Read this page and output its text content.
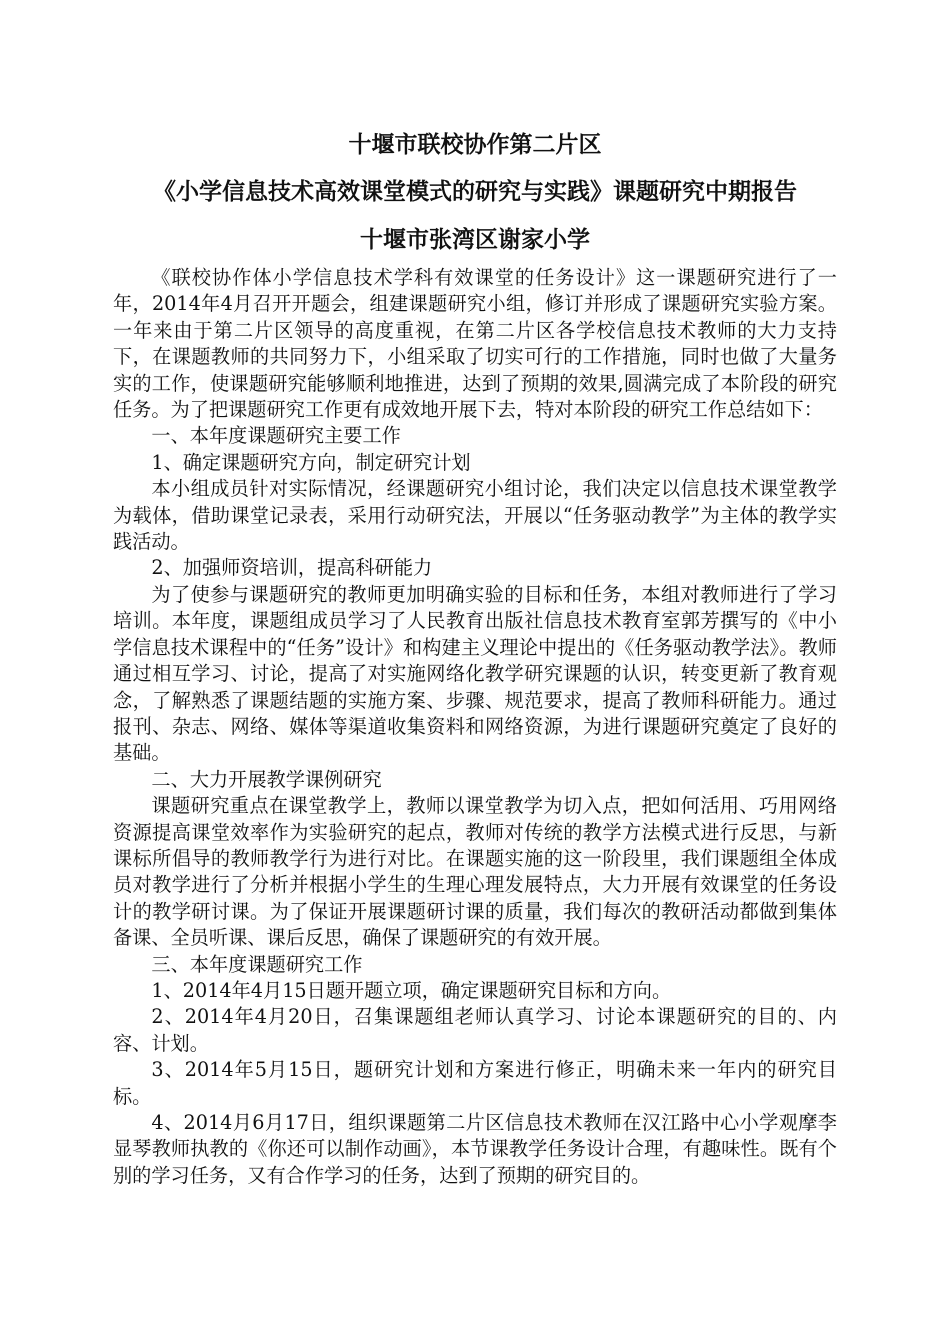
十堰市联校协作第二片区
《小学信息技术高效课堂模式的研究与实践》课题研究中期报告
十堰市张湾区谢家小学

《联校协作体小学信息技术学科有效课堂的任务设计》这一课题研究进行了一年，2014年4月召开开题会，组建课题研究小组，修订并形成了课题研究实验方案。一年来由于第二片区领导的高度重视，在第二片区各学校信息技术教师的大力支持下，在课题教师的共同努力下，小组采取了切实可行的工作措施，同时也做了大量务实的工作，使课题研究能够顺利地推进，达到了预期的效果,圆满完成了本阶段的研究任务。为了把课题研究工作更有成效地开展下去，特对本阶段的研究工作总结如下：

一、本年度课题研究主要工作

1、确定课题研究方向，制定研究计划

本小组成员针对实际情况，经课题研究小组讨论，我们决定以信息技术课堂教学为载体，借助课堂记录表，采用行动研究法，开展以“任务驱动教学”为主体的教学实践活动。

2、加强师资培训，提高科研能力

为了使参与课题研究的教师更加明确实验的目标和任务，本组对教师进行了学习培训。本年度，课题组成员学习了人民教育出版社信息技术教育室郭芳撰写的《中小学信息技术课程中的“任务”设计》和构建主义理论中提出的《任务驱动教学法》。教师通过相互学习、讨论，提高了对实施网络化教学研究课题的认识，转变更新了教育观念，了解熟悉了课题结题的实施方案、步骤、规范要求，提高了教师科研能力。通过报刊、杂志、网络、媒体等渠道收集资料和网络资源，为进行课题研究奠定了良好的基础。

二、大力开展教学课例研究

课题研究重点在课堂教学上，教师以课堂教学为切入点，把如何活用、巧用网络资源提高课堂效率作为实验研究的起点，教师对传统的教学方法模式进行反思，与新课标所倡导的教师教学行为进行对比。在课题实施的这一阶段里，我们课题组全体成员对教学进行了分析并根据小学生的生理心理发展特点，大力开展有效课堂的任务设计的教学研讨课。为了保证开展课题研讨课的质量，我们每次的教研活动都做到集体备课、全员听课、课后反思，确保了课题研究的有效开展。

三、本年度课题研究工作

1、2014年4月15日题开题立项，确定课题研究目标和方向。

2、2014年4月20日，召集课题组老师认真学习、讨论本课题研究的目的、内容、计划。

3、2014年5月15日，题研究计划和方案进行修正，明确未来一年内的研究目标。

4、2014月6月17日，组织课题第二片区信息技术教师在汉江路中心小学观摩李显琴教师执教的《你还可以制作动画》，本节课教学任务设计合理，有趣味性。既有个别的学习任务，又有合作学习的任务，达到了预期的研究目的。
